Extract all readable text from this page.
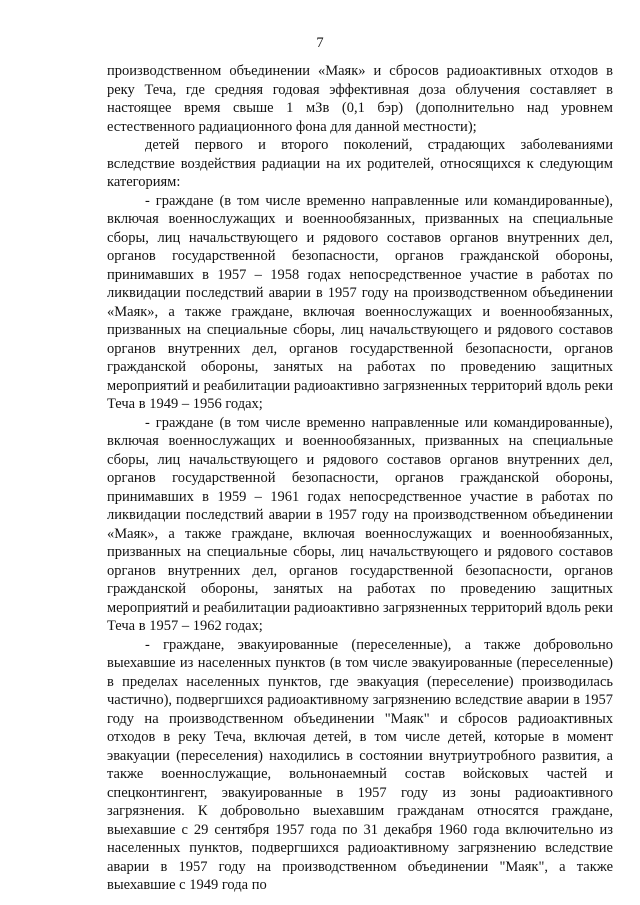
7

производственном объединении «Маяк» и сбросов радиоактивных отходов в реку Теча, где средняя годовая эффективная доза облучения составляет в настоящее время свыше 1 мЗв (0,1 бэр) (дополнительно над уровнем естественного радиационного фона для данной местности);

детей первого и второго поколений, страдающих заболеваниями вследствие воздействия радиации на их родителей, относящихся к следующим категориям:

- граждане (в том числе временно направленные или командированные), включая военнослужащих и военнообязанных, призванных на специальные сборы, лиц начальствующего и рядового составов органов внутренних дел, органов государственной безопасности, органов гражданской обороны, принимавших в 1957 – 1958 годах непосредственное участие в работах по ликвидации последствий аварии в 1957 году на производственном объединении «Маяк», а также граждане, включая военнослужащих и военнообязанных, призванных на специальные сборы, лиц начальствующего и рядового составов органов внутренних дел, органов государственной безопасности, органов гражданской обороны, занятых на работах по проведению защитных мероприятий и реабилитации радиоактивно загрязненных территорий вдоль реки Теча в 1949 – 1956 годах;

- граждане (в том числе временно направленные или командированные), включая военнослужащих и военнообязанных, призванных на специальные сборы, лиц начальствующего и рядового составов органов внутренних дел, органов государственной безопасности, органов гражданской обороны, принимавших в 1959 – 1961 годах непосредственное участие в работах по ликвидации последствий аварии в 1957 году на производственном объединении «Маяк», а также граждане, включая военнослужащих и военнообязанных, призванных на специальные сборы, лиц начальствующего и рядового составов органов внутренних дел, органов государственной безопасности, органов гражданской обороны, занятых на работах по проведению защитных мероприятий и реабилитации радиоактивно загрязненных территорий вдоль реки Теча в 1957 – 1962 годах;

- граждане, эвакуированные (переселенные), а также добровольно выехавшие из населенных пунктов (в том числе эвакуированные (переселенные) в пределах населенных пунктов, где эвакуация (переселение) производилась частично), подвергшихся радиоактивному загрязнению вследствие аварии в 1957 году на производственном объединении "Маяк" и сбросов радиоактивных отходов в реку Теча, включая детей, в том числе детей, которые в момент эвакуации (переселения) находились в состоянии внутриутробного развития, а также военнослужащие, вольнонаемный состав войсковых частей и спецконтингент, эвакуированные в 1957 году из зоны радиоактивного загрязнения. К добровольно выехавшим гражданам относятся граждане, выехавшие с 29 сентября 1957 года по 31 декабря 1960 года включительно из населенных пунктов, подвергшихся радиоактивному загрязнению вследствие аварии в 1957 году на производственном объединении "Маяк", а также выехавшие с 1949 года по
